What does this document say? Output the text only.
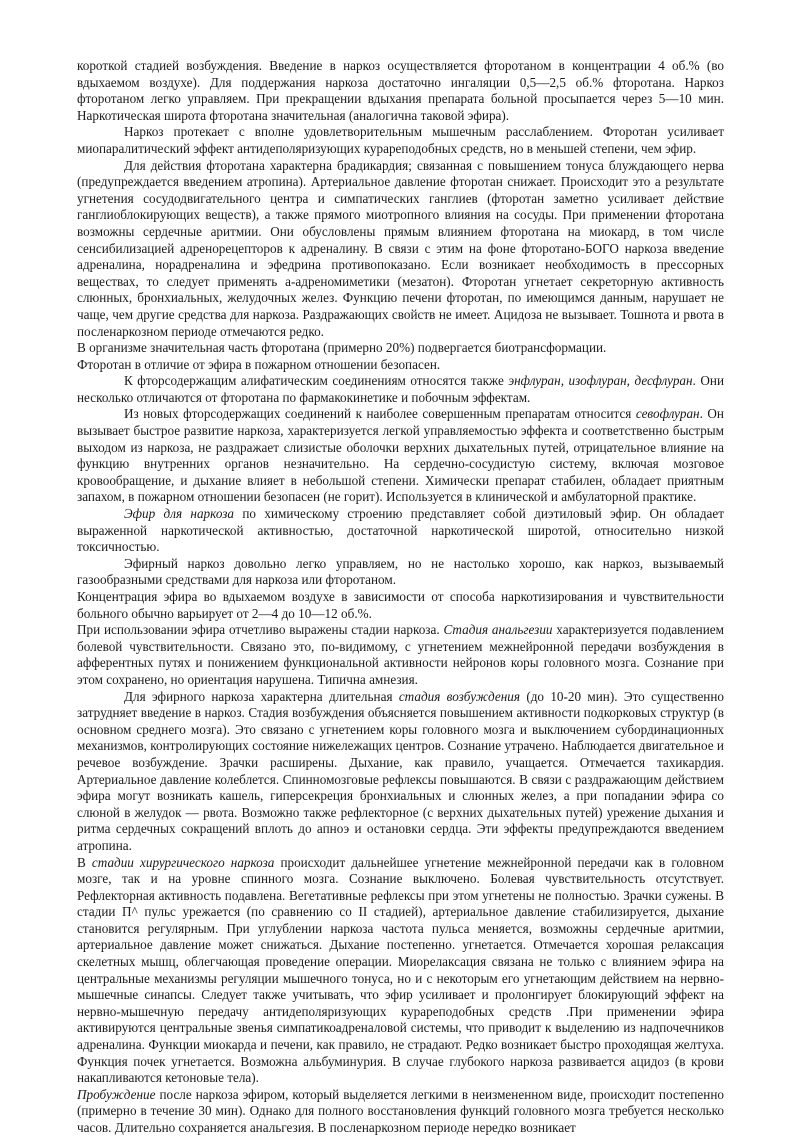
короткой стадией возбуждения. Введение в наркоз осуществляется фторотаном в концентрации 4 об.% (во вдыхаемом воздухе). Для поддержания наркоза достаточно ингаляции 0,5—2,5 об.% фторотана. Наркоз фторотаном легко управляем. При прекращении вдыхания препарата больной просыпается через 5—10 мин. Наркотическая широта фторотана значительная (аналогична таковой эфира).

Наркоз протекает с вполне удовлетворительным мышечным расслаблением. Фторотан усиливает миопаралитический эффект антидеполяризующих курареподобных средств, но в меньшей степени, чем эфир.

Для действия фторотана характерна брадикардия; связанная с повышением тонуса блуждающего нерва (предупреждается введением атропина). Артериальное давление фторотан снижает. Происходит это а результате угнетения сосудодвигательного центра и симпатических ганглиев (фторотан заметно усиливает действие ганглиоблокирующих веществ), а также прямого миотропного влияния на сосуды. При применении фторотана возможны сердечные аритмии. Они обусловлены прямым влиянием фторотана на миокард, в том числе сенсибилизацией адренорецепторов к адреналину. В связи с этим на фоне фторотано-БОГО наркоза введение адреналина, норадреналина и эфедрина противопоказано. Если возникает необходимость в прессорных веществах, то следует применять а-адреномиметики (мезатон). Фторотан угнетает секреторную активность слюнных, бронхиальных, желудочных желез. Функцию печени фторотан, по имеющимся данным, нарушает не чаще, чем другие средства для наркоза. Раздражающих свойств не имеет. Ацидоза не вызывает. Тошнота и рвота в посленаркозном периоде отмечаются редко.

В организме значительная часть фторотана (примерно 20%) подвергается биотрансформации.

Фторотан в отличие от эфира в пожарном отношении безопасен.

К фторсодержащим алифатическим соединениям относятся также энфлуран, изофлуран, десфлуран. Они несколько отличаются от фторотана по фармакокинетике и побочным эффектам.

Из новых фторсодержащих соединений к наиболее совершенным препаратам относится севофлуран. Он вызывает быстрое развитие наркоза, характеризуется легкой управляемостью эффекта и соответственно быстрым выходом из наркоза, не раздражает слизистые оболочки верхних дыхательных путей, отрицательное влияние на функцию внутренних органов незначительно. На сердечно-сосудистую систему, включая мозговое кровообращение, и дыхание влияет в небольшой степени. Химически препарат стабилен, обладает приятным запахом, в пожарном отношении безопасен (не горит). Используется в клинической и амбулаторной практике.

Эфир для наркоза по химическому строению представляет собой диэтиловый эфир. Он обладает выраженной наркотической активностью, достаточной наркотической широтой, относительно низкой токсичностью.

Эфирный наркоз довольно легко управляем, но не настолько хорошо, как наркоз, вызываемый газообразными средствами для наркоза или фторотаном.

Концентрация эфира во вдыхаемом воздухе в зависимости от способа наркотизирования и чувствительности больного обычно варьирует от 2—4 до 10—12 об.%.

При использовании эфира отчетливо выражены стадии наркоза. Стадия анальгезии характеризуется подавлением болевой чувствительности. Связано это, по-видимому, с угнетением межнейронной передачи возбуждения в афферентных путях и понижением функциональной активности нейронов коры головного мозга. Сознание при этом сохранено, но ориентация нарушена. Типична амнезия.

Для эфирного наркоза характерна длительная стадия возбуждения (до 10-20 мин). Это существенно затрудняет введение в наркоз. Стадия возбуждения объясняется повышением активности подкорковых структур (в основном среднего мозга). Это связано с угнетением коры головного мозга и выключением субординационных механизмов, контролирующих состояние нижележащих центров. Сознание утрачено. Наблюдается двигательное и речевое возбуждение. Зрачки расширены. Дыхание, как правило, учащается. Отмечается тахикардия. Артериальное давление колеблется. Спинномозговые рефлексы повышаются. В связи с раздражающим действием эфира могут возникать кашель, гиперсекреция бронхиальных и слюнных желез, а при попадании эфира со слюной в желудок — рвота. Возможно также рефлекторное (с верхних дыхательных путей) урежение дыхания и ритма сердечных сокращений вплоть до апноэ и остановки сердца. Эти эффекты предупреждаются введением атропина.

В стадии хирургического наркоза происходит дальнейшее угнетение межнейронной передачи как в головном мозге, так и на уровне спинного мозга. Сознание выключено. Болевая чувствительность отсутствует. Рефлекторная активность подавлена. Вегетативные рефлексы при этом угнетены не полностью. Зрачки сужены. В стадии П^ пульс урежается (по сравнению со II стадией), артериальное давление стабилизируется, дыхание становится регулярным. При углублении наркоза частота пульса меняется, возможны сердечные аритмии, артериальное давление может снижаться. Дыхание постепенно. угнетается. Отмечается хорошая релаксация скелетных мышц, облегчающая проведение операции. Миорелаксация связана не только с влиянием эфира на центральные механизмы регуляции мышечного тонуса, но и с некоторым его угнетающим действием на нервно-мышечные синапсы. Следует также учитывать, что эфир усиливает и пролонгирует блокирующий эффект на нервно-мышечную передачу антидеполяризующих курареподобных средств .При применении эфира активируются центральные звенья симпатикоадреналовой системы, что приводит к выделению из надпочечников адреналина. Функции миокарда и печени, как правило, не страдают. Редко возникает быстро проходящая желтуха. Функция почек угнетается. Возможна альбуминурия. В случае глубокого наркоза развивается ацидоз (в крови накапливаются кетоновые тела).

Пробуждение после наркоза эфиром, который выделяется легкими в неизмененном виде, происходит постепенно (примерно в течение 30 мин). Однако для полного восстановления функций головного мозга требуется несколько часов. Длительно сохраняется анальгезия. В посленаркозном периоде нередко возникает
